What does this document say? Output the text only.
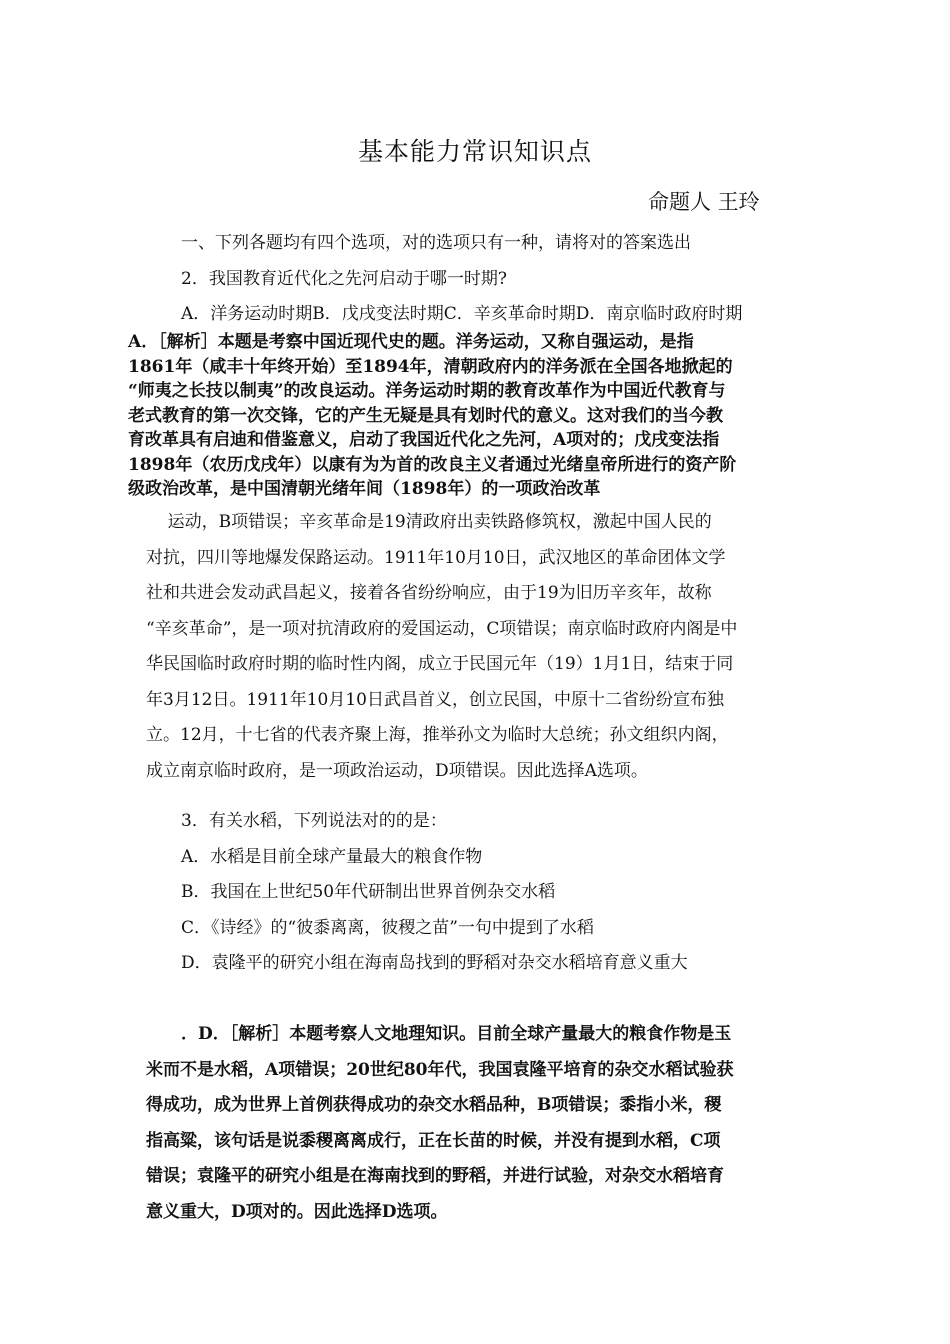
基本能力常识知识点
命题人 王玲
一、下列各题均有四个选项，对的选项只有一种，请将对的答案选出
2．我国教育近代化之先河启动于哪一时期?
A．洋务运动时期B．戊戌变法时期C．辛亥革命时期D．南京临时政府时期

A．［解析］本题是考察中国近现代史的题。洋务运动，又称自强运动，是指

1861年（咸丰十年终开始）至1894年，清朝政府内的洋务派在全国各地掀起的

“师夷之长技以制夷”的改良运动。洋务运动时期的教育改革作为中国近代教育与

老式教育的第一次交锋，它的产生无疑是具有划时代的意义。这对我们的当今教

育改革具有启迪和借鉴意义，启动了我国近代化之先河，A项对的；戊戌变法指

1898年（农历戊戌年）以康有为为首的改良主义者通过光绪皇帝所进行的资产阶

级政治改革，是中国清朝光绪年间（1898年）的一项政治改革

运动，B项错误；辛亥革命是19清政府出卖铁路修筑权，激起中国人民的

对抗，四川等地爆发保路运动。1911年10月10日，武汉地区的革命团体文学

社和共进会发动武昌起义，接着各省纷纷响应，由于19为旧历辛亥年，故称

“辛亥革命”，是一项对抗清政府的爱国运动，C项错误；南京临时政府内阁是中

华民国临时政府时期的临时性内阁，成立于民国元年（19）1月1日，结束于同

年3月12日。1911年10月10日武昌首义，创立民国，中原十二省纷纷宣布独

立。12月，十七省的代表齐聚上海，推举孙文为临时大总统；孙文组织内阁，

成立南京临时政府，是一项政治运动，D项错误。因此选择A选项。

3．有关水稻，下列说法对的的是：
A．水稻是目前全球产量最大的粮食作物
B．我国在上世纪50年代研制出世界首例杂交水稻
C．《诗经》的“彼黍离离，彼稷之苗”一句中提到了水稻
D．袁隆平的研究小组在海南岛找到的野稻对杂交水稻培育意义重大

．D．［解析］本题考察人文地理知识。目前全球产量最大的粮食作物是玉

米而不是水稻，A项错误；20世纪80年代，我国袁隆平培育的杂交水稻试验获

得成功，成为世界上首例获得成功的杂交水稻品种，B项错误；黍指小米，稷

指高粱，该句话是说黍稷离离成行，正在长苗的时候，并没有提到水稻，C项

错误；袁隆平的研究小组是在海南找到的野稻，并进行试验，对杂交水稻培育

意义重大，D项对的。因此选择D选项。
